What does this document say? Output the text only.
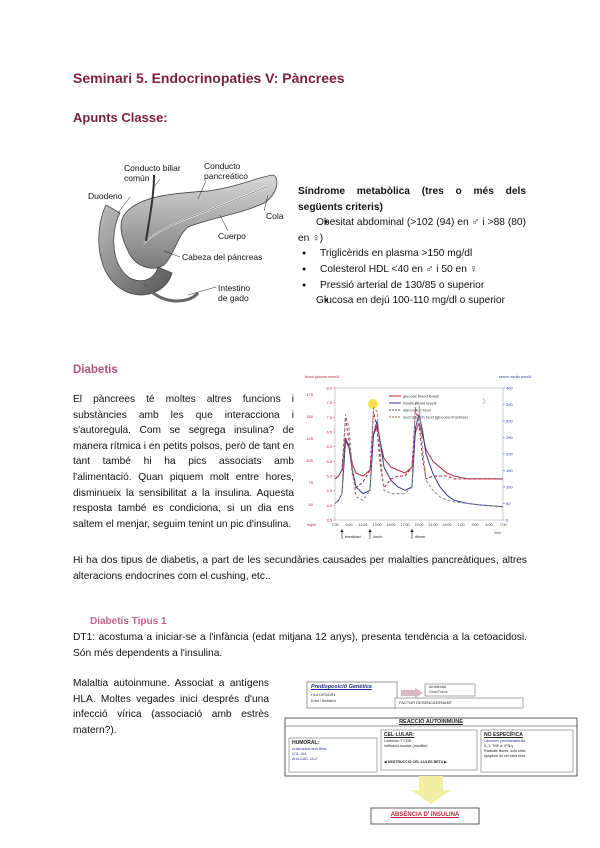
Seminari 5. Endocrinopaties V: Pàncrees
Apunts Classe:
Conducto biliar
común
Conducto
pancreático
Duodeno
Cola
Cuerpo
Cabeza del páncreas
Intestino
de gado
Síndrome metabòlica (tres o més dels següents criteris)
● Obesitat abdominal (>102 (94) en ♂ i >88 (80) en ♀)
● Triglicèrids en plasma >150 mg/dl
● Colesterol HDL <40 en ♂ i 50 en ♀
● Pressió arterial de 130/85 o superior
● Glucosa en dejú 100-110 mg/dl o superior
Diabetis
El pàncrees té moltes altres funcions i substàncies amb les que interacciona i s'autoregula. Com se segrega insulina? de manera rítmica i en petits polsos, però de tant en tant també hi ha pics associats amb l'alimentació. Quan piquem molt entre hores, disminueix la sensibilitat a la insulina. Aquesta resposta també es condiciona, si un dia ens saltem el menjar, seguim tenint un pic d'insulina.
blood glucose mmol/L	serum insulin pmol/L
3.5
4.0
4.5
5.0
5.5
6.0
6.5
7.0
7.5
8.0
175
150
125
100
75
50
0
50
100
150
200
250
300
350
400
7:00 9:00 11:00 13:00 15:00 17:00 19:00 21:00 23:00 1:00 3:00 5:00 7:00
mg/dl
time
breakfast	lunch	dinner
☽
glucose blood levels
insulin blood levels
starch-rich food
sucrose-rich food (glucose+fructose)
Hi ha dos tipus de diabetis, a part de les secundàries causades per malalties pancreàtiques, altres alteracions endocrines com el cushing, etc..
Diabetis Tipus 1
DT1: acostuma a iniciar-se a l'infància (edat mitjana 12 anys), presenta tendència a la cetoacidosi. Són més dependents a l'insulina.
Malaltia autoinmune. Associat a antígens HLA. Moltes vegades inici després d'una infecció vírica (associació amb estrès matern?).
Predisposició Genètica
HLA DR3/DR4
Edat / Ambient
Ambiental
Virus/Tòxics
FACTOR DESENCADENANT
REACCIÓ AUTOINMUNE
HUMORAL:
Anticossos anti-illots
ICA, IAA
Anti-GAD, IA-2
CEL·LULAR:
Limfòcits T CD8
Infiltració insular (insulitis)
◀ DESTRUCCIÓ CÈL·LULES BETA ▶
NO ESPECÍFICA
Citocines proinflamatòries
IL-1, TNF-α, IFN-γ
Radicals lliures, òxid nítric
Apoptosi de cèl·lules beta
ABSÈNCIA D' INSULINA
